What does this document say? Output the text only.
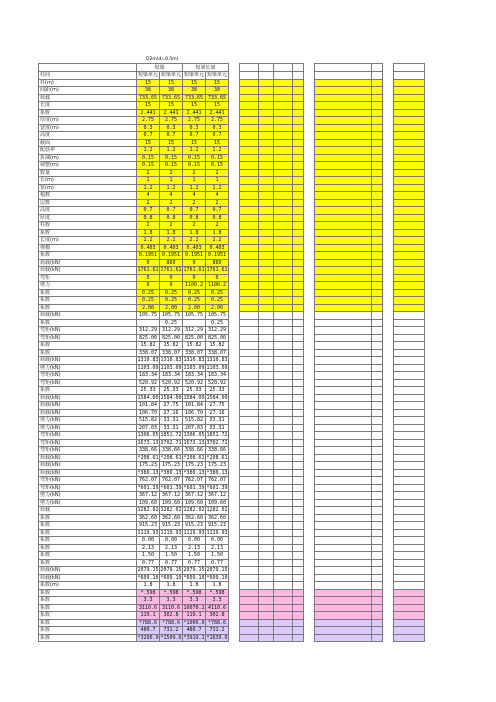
D2m(d=0.5m)
	短梁		短梁长梁											
柱间	短梁单元	短梁单元	短梁单元	短梁单元										
柱(m)	15	15	15	15										
间距(m)	38	38	38	38										
荷载	733.65	733.65	733.65	733.65										
长度	15	15	15	15										
系数	2.441	2.441	2.441	2.441										
厚度(m)	2.75	2.75	2.75	2.75										
宽度(m)	0.3	0.3	0.3	0.3										
高度	0.7	0.7	0.7	0.7										
截面	15	15	15	15										
配筋率	1.2	1.2	1.2	1.2										
折减(m)	0.15	0.15	0.15	0.15										
调整(m)	0.15	0.15	0.15	0.15										
数量	2	2	2	2										
长(m)	1	1	1	1										
宽(m)	1.2	1.2	1.2	1.2										
根数	4	4	4	4										
层数	2	2	2	2										
高度	0.7	0.7	0.7	0.7										
厚度	0.8	0.8	0.8	0.8										
柱数	2	2	2	2										
系数	1.8	1.8	1.8	1.8										
长度(m)	2.2	2.2	2.2	2.2										
弹模	0.403	0.403	0.403	0.403										
系数	0.1951	0.1951	0.1951	0.1951										
荷载(kN)	0	860	0	860										
荷载(kN)	1761.61	1761.61	1761.61	1761.61										
弯矩	0	0	0	0										
剪力	0	0	1100.2	1100.2										
系数	0.25	0.25	0.25	0.25										
系数	0.25	0.25	0.25	0.25										
系数	2.00	2.00	2.00	2.00										
荷载(kN)	105.75	105.75	105.75	105.75										
系数		0.25		0.25										
弯矩(kN)	312.29	312.29	312.29	312.29										
弯矩(kN)	825.00	825.00	825.00	825.00										
系数	15.82	15.82	15.82	15.82										
系数	338.07	338.07	338.07	338.07										
荷载(kN)	1310.83	1310.83	1310.83	1310.83										
剪力(kN)	1103.09	1103.09	1103.09	1103.09										
弯矩(kN)	183.34	183.34	183.34	183.34										
弯矩(kN)	520.92	520.92	520.92	520.92										
系数	25.33	25.33	25.33	25.33										
荷载(kN)	1584.00	1584.00	1584.00	1584.00										
荷载(kN)	101.84	27.75	101.84	27.75										
荷载(kN)	106.70	27.16	106.70	27.16										
剪力(kN)	515.82	33.31	515.82	33.31										
剪力(kN)	207.03	33.31	207.03	33.31										
弯矩(kN)	1306.05	1851.72	1306.05	1851.72										
弯矩(kN)	1673.13	3702.71	1673.13	3702.71										
弯矩(kN)	338.66	338.66	338.66	338.66										
荷载(kN)	*208.61	*208.61	*208.61	*208.61										
荷载(kN)	175.23	175.23	175.23	175.23										
荷载(kN)	*380.13	*380.13	*380.13	*380.13										
弯矩(kN)	762.07	762.07	762.07	762.07										
弯矩(kN)	*601.39	*601.39	*601.39	*601.39										
剪力(kN)	367.12	367.12	367.12	367.12										
剪力(kN)	109.60	109.60	109.60	109.60										
荷载	1282.02	1282.02	1282.02	1282.02										
系数	362.60	362.60	362.60	362.60										
系数	915.23	915.23	915.23	915.23										
系数	1119.93	1119.93	1119.93	1119.93										
系数	0.00	0.00	0.00	0.00										
系数	2.13	2.13	2.13	2.13										
系数	1.50	1.50	1.50	1.50										
系数	0.77	0.77	0.77	0.77										
荷载(kN)	2079.15	2079.15	2079.15	2079.15										
荷载(kN)	*609.10	*609.10	*609.10	*609.10										
系数(m)	1.8	1.8	1.8	1.8										
系数	*.598	*.598	*.598	*.598										
系数	3.3	3.3	3.3	3.3										
系数	3110.6	3110.6	10070.1	4110.6										
系数	119.1	302.8	119.1	302.8										
系数	*788.6	*788.6	*1000.0	*788.6										
系数	480.7	731.2	480.7	731.2										
系数	*3290.9	*1509.6	*3919.1	*1639.6										
